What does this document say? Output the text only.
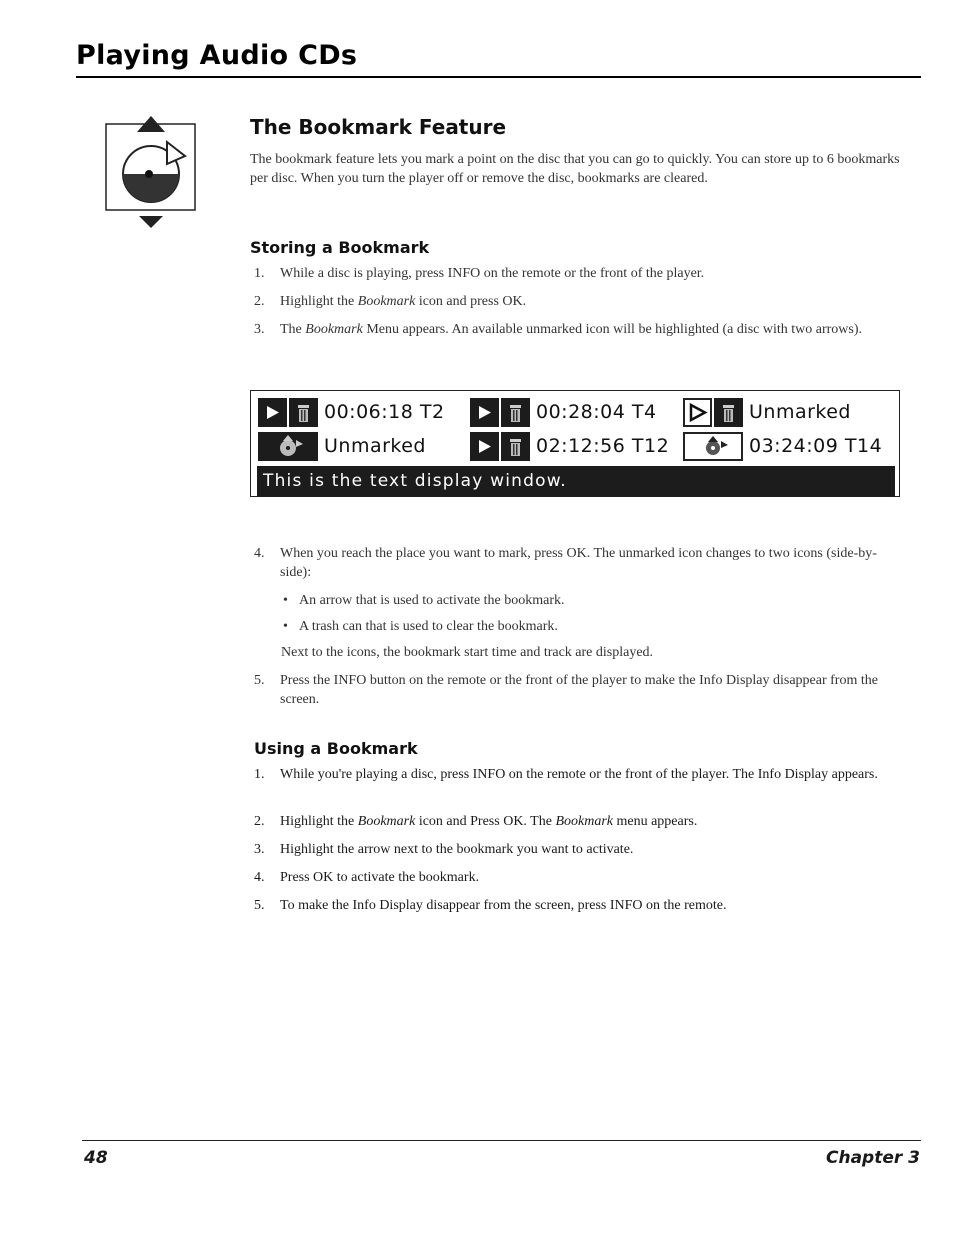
Playing Audio CDs
The Bookmark Feature
The bookmark feature lets you mark a point on the disc that you can go to quickly. You can store up to 6 bookmarks per disc. When you turn the player off or remove the disc, bookmarks are cleared.
Storing a Bookmark
1. While a disc is playing, press INFO on the remote or the front of the player.
2. Highlight the Bookmark icon and press OK.
3. The Bookmark Menu appears. An available unmarked icon will be highlighted (a disc with two arrows).
00:06:18 T2	00:28:04 T4	Unmarked
Unmarked	02:12:56 T12	03:24:09 T14
This is the text display window.
4. When you reach the place you want to mark, press OK. The unmarked icon changes to two icons (side-by-side):
• An arrow that is used to activate the bookmark.
• A trash can that is used to clear the bookmark.
Next to the icons, the bookmark start time and track are displayed.
5. Press the INFO button on the remote or the front of the player to make the Info Display disappear from the screen.
Using a Bookmark
1. While you're playing a disc, press INFO on the remote or the front of the player. The Info Display appears.
2. Highlight the Bookmark icon and Press OK. The Bookmark menu appears.
3. Highlight the arrow next to the bookmark you want to activate.
4. Press OK to activate the bookmark.
5. To make the Info Display disappear from the screen, press INFO on the remote.
48	Chapter 3
